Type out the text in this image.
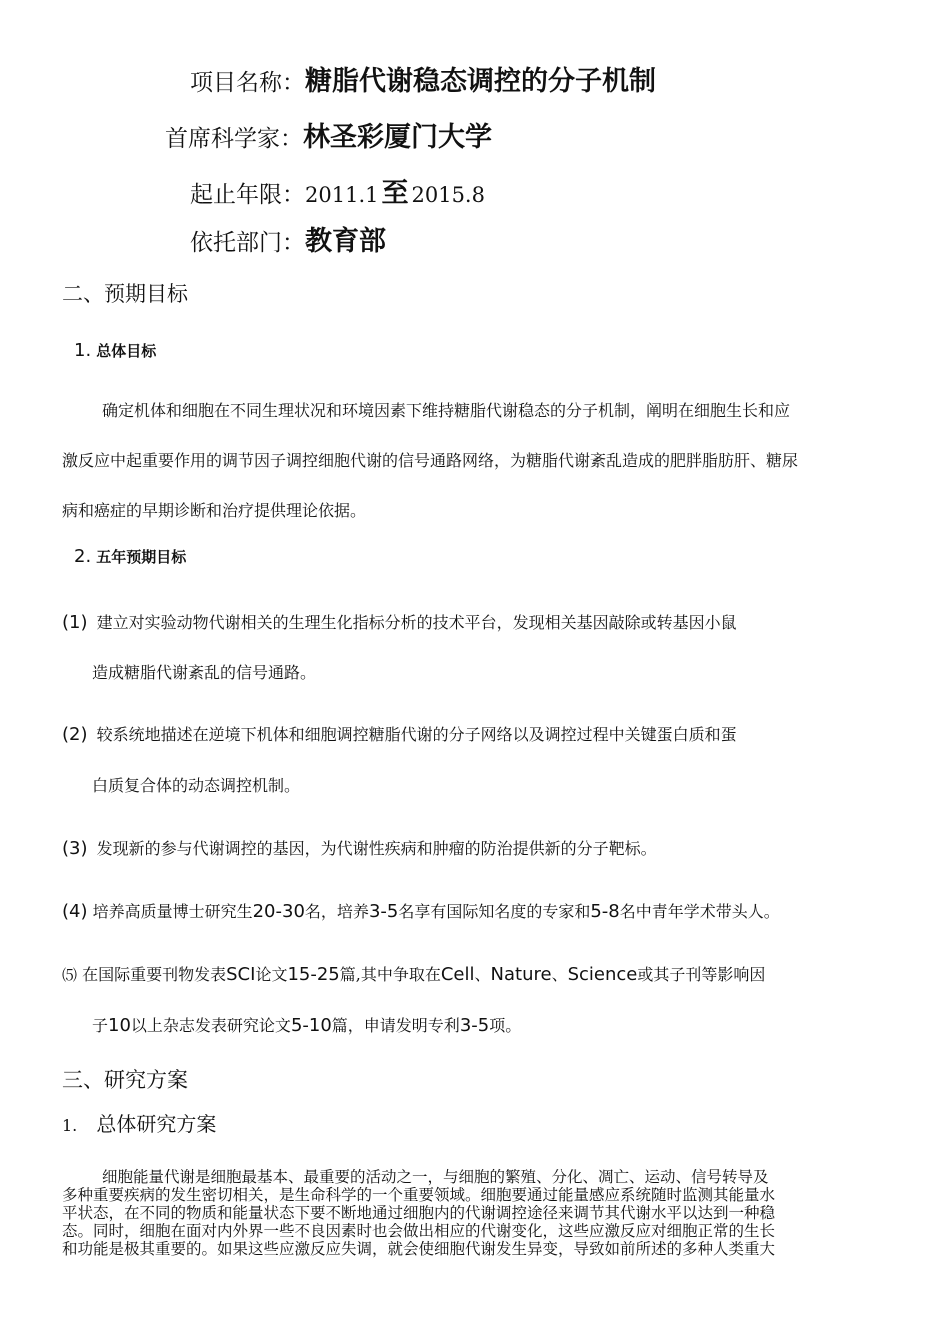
项目名称：糖脂代谢稳态调控的分子机制
首席科学家：林圣彩厦门大学
起止年限：2011.1 至 2015.8
依托部门：教育部
二、预期目标
1. 总体目标
确定机体和细胞在不同生理状况和环境因素下维持糖脂代谢稳态的分子机制，阐明在细胞生长和应
激反应中起重要作用的调节因子调控细胞代谢的信号通路网络，为糖脂代谢紊乱造成的肥胖脂肪肝、糖尿
病和癌症的早期诊断和治疗提供理论依据。
2. 五年预期目标
(1) 建立对实验动物代谢相关的生理生化指标分析的技术平台，发现相关基因敲除或转基因小鼠
造成糖脂代谢紊乱的信号通路。
(2) 较系统地描述在逆境下机体和细胞调控糖脂代谢的分子网络以及调控过程中关键蛋白质和蛋
白质复合体的动态调控机制。
(3) 发现新的参与代谢调控的基因，为代谢性疾病和肿瘤的防治提供新的分子靶标。
(4) 培养高质量博士研究生20-30名，培养3-5名享有国际知名度的专家和5-8名中青年学术带头人。
⑸ 在国际重要刊物发表SCI论文15-25篇,其中争取在Cell、Nature、Science或其子刊等影响因
子10以上杂志发表研究论文5-10篇，申请发明专利3-5项。
三、研究方案
1. 总体研究方案
细胞能量代谢是细胞最基本、最重要的活动之一，与细胞的繁殖、分化、凋亡、运动、信号转导及
多种重要疾病的发生密切相关，是生命科学的一个重要领域。细胞要通过能量感应系统随时监测其能量水
平状态，在不同的物质和能量状态下要不断地通过细胞内的代谢调控途径来调节其代谢水平以达到一种稳
态。同时，细胞在面对内外界一些不良因素时也会做出相应的代谢变化，这些应激反应对细胞正常的生长
和功能是极其重要的。如果这些应激反应失调，就会使细胞代谢发生异变，导致如前所述的多种人类重大
